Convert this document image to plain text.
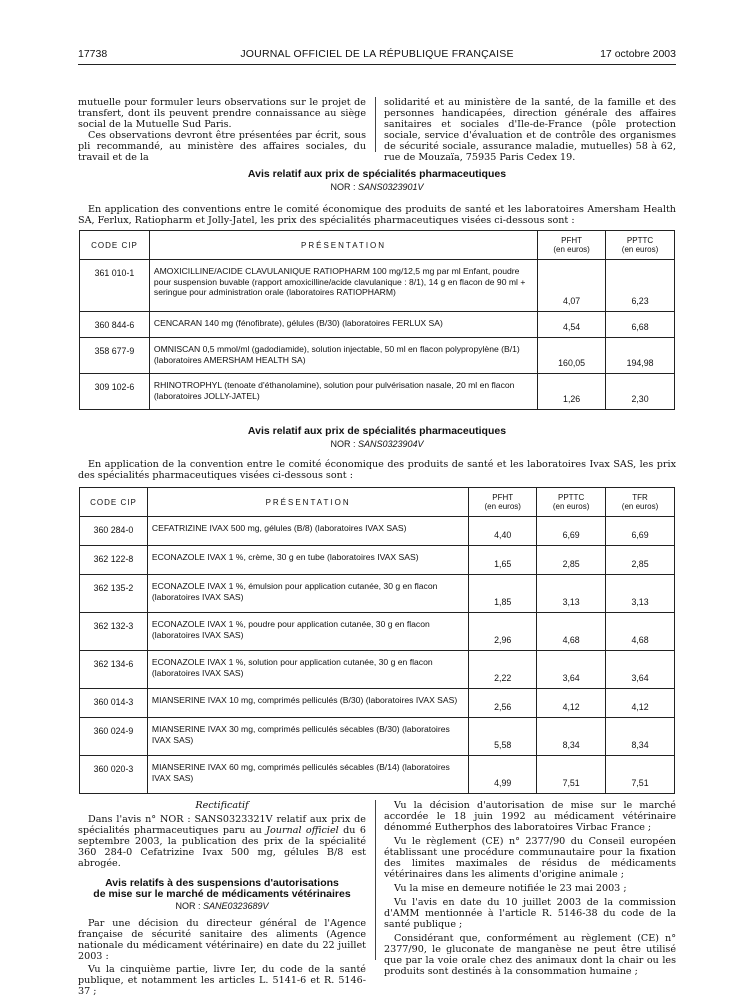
17738	JOURNAL OFFICIEL DE LA RÉPUBLIQUE FRANÇAISE	17 octobre 2003

mutuelle pour formuler leurs observations sur le projet de transfert, dont ils peuvent prendre connaissance au siège social de la Mutuelle Sud Paris.

Ces observations devront être présentées par écrit, sous pli recommandé, au ministère des affaires sociales, du travail et de la

solidarité et au ministère de la santé, de la famille et des personnes handicapées, direction générale des affaires sanitaires et sociales d'Ile-de-France (pôle protection sociale, service d'évaluation et de contrôle des organismes de sécurité sociale, assurance maladie, mutuelles) 58 à 62, rue de Mouzaïa, 75935 Paris Cedex 19.

Avis relatif aux prix de spécialités pharmaceutiques
NOR : SANS0323901V
En application des conventions entre le comité économique des produits de santé et les laboratoires Amersham Health SA, Ferlux, Ratiopharm et Jolly-Jatel, les prix des spécialités pharmaceutiques visées ci-dessous sont :
CODE CIP	PRÉSENTATION	PFHT
(en euros)	PPTTC
(en euros)
361 010-1	AMOXICILLINE/ACIDE CLAVULANIQUE RATIOPHARM 100 mg/12,5 mg par ml Enfant, poudre pour suspension buvable (rapport amoxicilline/acide clavulanique : 8/1), 14 g en flacon de 90 ml + seringue pour administration orale (laboratoires RATIOPHARM)	4,07	6,23
360 844-6	CENCARAN 140 mg (fénofibrate), gélules (B/30) (laboratoires FERLUX SA)	4,54	6,68
358 677-9	OMNISCAN 0,5 mmol/ml (gadodiamide), solution injectable, 50 ml en flacon polypropylène (B/1) (laboratoires AMERSHAM HEALTH SA)	160,05	194,98
309 102-6	RHINOTROPHYL (tenoate d'éthanolamine), solution pour pulvérisation nasale, 20 ml en flacon (laboratoires JOLLY-JATEL)	1,26	2,30
Avis relatif aux prix de spécialités pharmaceutiques
NOR : SANS0323904V
En application de la convention entre le comité économique des produits de santé et les laboratoires Ivax SAS, les prix des spécialités pharmaceutiques visées ci-dessous sont :
CODE CIP	PRÉSENTATION	PFHT
(en euros)	PPTTC
(en euros)	TFR
(en euros)
360 284-0	CEFATRIZINE IVAX 500 mg, gélules (B/8) (laboratoires IVAX SAS)	4,40	6,69	6,69
362 122-8	ECONAZOLE IVAX 1 %, crème, 30 g en tube (laboratoires IVAX SAS)	1,65	2,85	2,85
362 135-2	ECONAZOLE IVAX 1 %, émulsion pour application cutanée, 30 g en flacon (laboratoires IVAX SAS)	1,85	3,13	3,13
362 132-3	ECONAZOLE IVAX 1 %, poudre pour application cutanée, 30 g en flacon (laboratoires IVAX SAS)	2,96	4,68	4,68
362 134-6	ECONAZOLE IVAX 1 %, solution pour application cutanée, 30 g en flacon (laboratoires IVAX SAS)	2,22	3,64	3,64
360 014-3	MIANSERINE IVAX 10 mg, comprimés pelliculés (B/30) (laboratoires IVAX SAS)	2,56	4,12	4,12
360 024-9	MIANSERINE IVAX 30 mg, comprimés pelliculés sécables (B/30) (laboratoires IVAX SAS)	5,58	8,34	8,34
360 020-3	MIANSERINE IVAX 60 mg, comprimés pelliculés sécables (B/14) (laboratoires IVAX SAS)	4,99	7,51	7,51
Rectificatif

Dans l'avis n° NOR : SANS0323321V relatif aux prix de spécialités pharmaceutiques paru au Journal officiel du 6 septembre 2003, la publication des prix de la spécialité 360 284-0 Cefatrizine Ivax 500 mg, gélules B/8 est abrogée.

Avis relatifs à des suspensions d'autorisations
de mise sur le marché de médicaments vétérinaires
NOR : SANE0323689V

Par une décision du directeur général de l'Agence française de sécurité sanitaire des aliments (Agence nationale du médicament vétérinaire) en date du 22 juillet 2003 :

Vu la cinquième partie, livre Ier, du code de la santé publique, et notamment les articles L. 5141-6 et R. 5146-37 ;

Vu la décision d'autorisation de mise sur le marché accordée le 18 juin 1992 au médicament vétérinaire dénommé Eutherphos des laboratoires Virbac France ;

Vu le règlement (CE) n° 2377/90 du Conseil européen établissant une procédure communautaire pour la fixation des limites maximales de résidus de médicaments vétérinaires dans les aliments d'origine animale ;

Vu la mise en demeure notifiée le 23 mai 2003 ;

Vu l'avis en date du 10 juillet 2003 de la commission d'AMM mentionnée à l'article R. 5146-38 du code de la santé publique ;

Considérant que, conformément au règlement (CE) n° 2377/90, le gluconate de manganèse ne peut être utilisé que par la voie orale chez des animaux dont la chair ou les produits sont destinés à la consommation humaine ;
